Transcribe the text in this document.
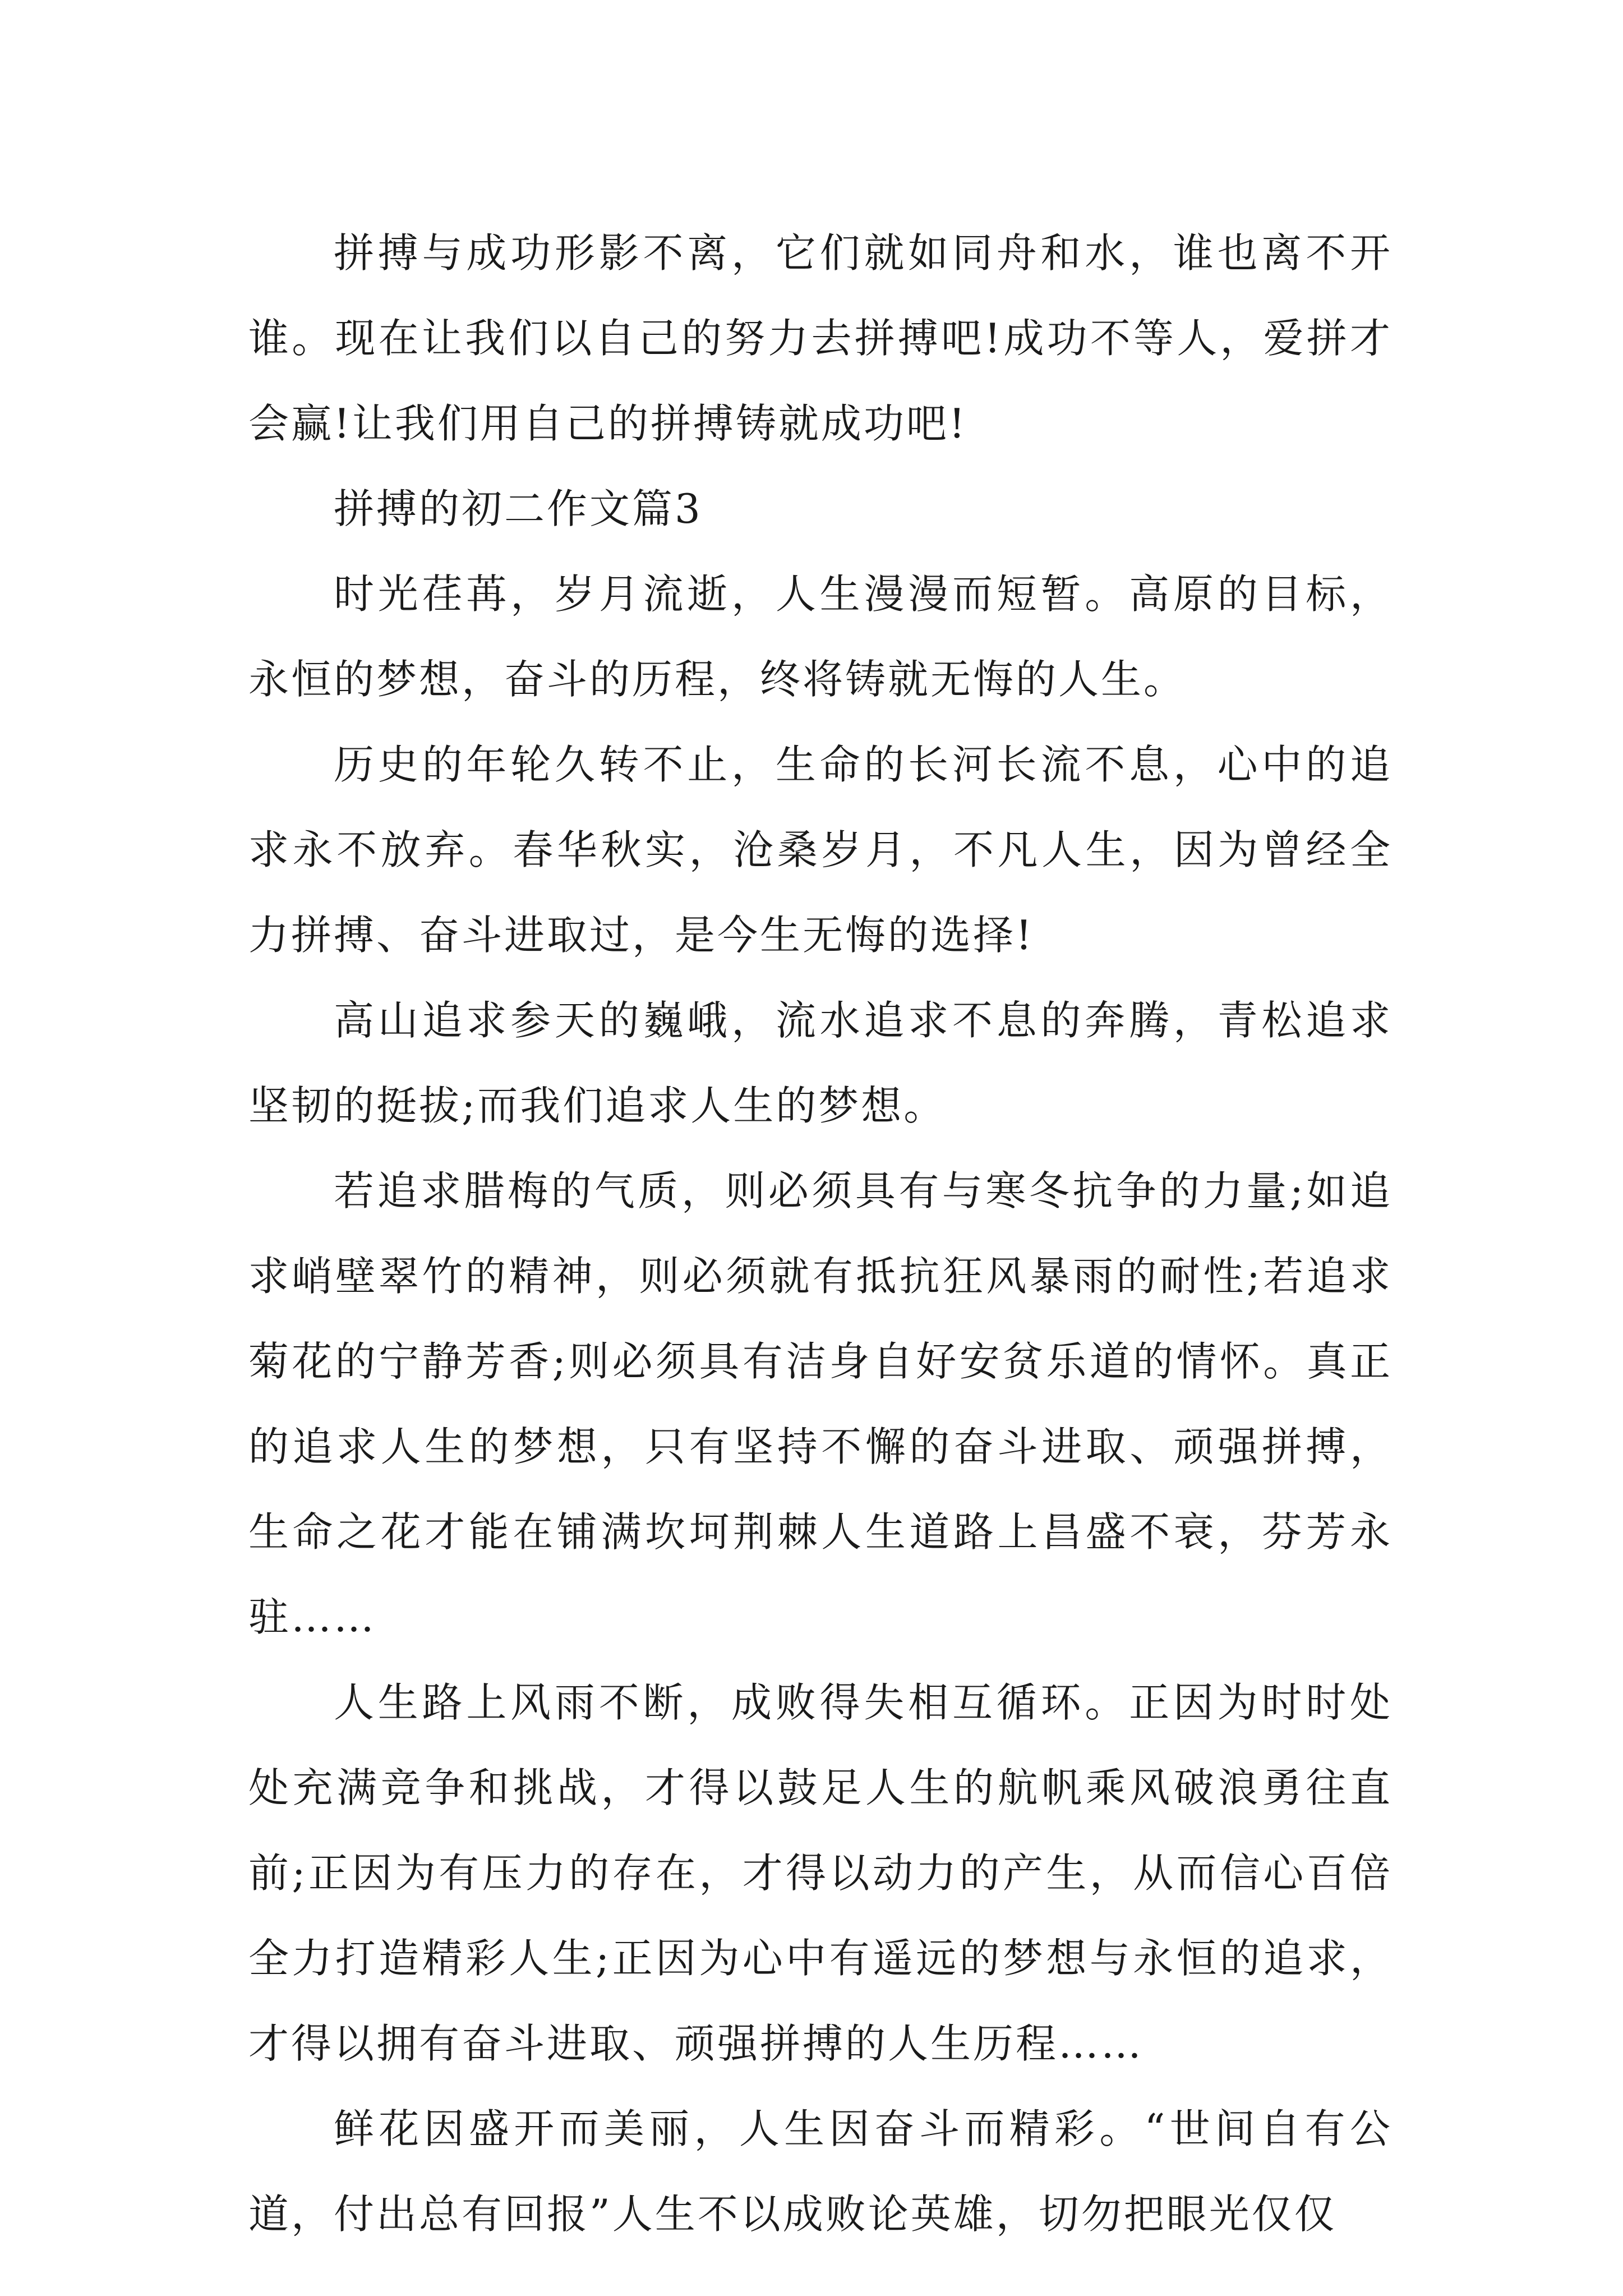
拼搏与成功形影不离，它们就如同舟和水，谁也离不开谁。现在让我们以自己的努力去拼搏吧!成功不等人，爱拼才会赢!让我们用自己的拼搏铸就成功吧!

拼搏的初二作文篇3

时光荏苒，岁月流逝，人生漫漫而短暂。高原的目标，永恒的梦想，奋斗的历程，终将铸就无悔的人生。

历史的年轮久转不止，生命的长河长流不息，心中的追求永不放弃。春华秋实，沧桑岁月，不凡人生，因为曾经全力拼搏、奋斗进取过，是今生无悔的选择!

高山追求参天的巍峨，流水追求不息的奔腾，青松追求坚韧的挺拔;而我们追求人生的梦想。

若追求腊梅的气质，则必须具有与寒冬抗争的力量;如追求峭壁翠竹的精神，则必须就有抵抗狂风暴雨的耐性;若追求菊花的宁静芳香;则必须具有洁身自好安贫乐道的情怀。真正的追求人生的梦想，只有坚持不懈的奋斗进取、顽强拼搏，生命之花才能在铺满坎坷荆棘人生道路上昌盛不衰，芬芳永驻……

人生路上风雨不断，成败得失相互循环。正因为时时处处充满竞争和挑战，才得以鼓足人生的航帆乘风破浪勇往直前;正因为有压力的存在，才得以动力的产生，从而信心百倍全力打造精彩人生;正因为心中有遥远的梦想与永恒的追求，才得以拥有奋斗进取、顽强拼搏的人生历程……

鲜花因盛开而美丽，人生因奋斗而精彩。“世间自有公道，付出总有回报”人生不以成败论英雄，切勿把眼光仅仅
